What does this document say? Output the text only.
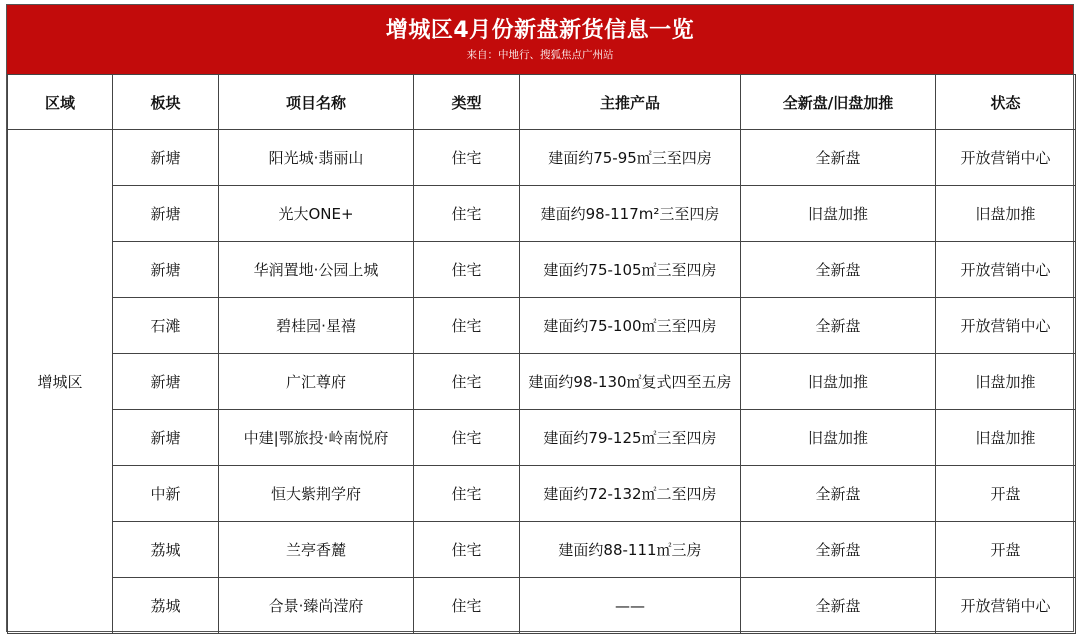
增城区4月份新盘新货信息一览
来自：中地行、搜狐焦点广州站
区域	板块	项目名称	类型	主推产品	全新盘/旧盘加推	状态
增城区	新塘	阳光城·翡丽山	住宅	建面约75-95㎡三至四房	全新盘	开放营销中心
	新塘	光大ONE+	住宅	建面约98-117m²三至四房	旧盘加推	旧盘加推
	新塘	华润置地·公园上城	住宅	建面约75-105㎡三至四房	全新盘	开放营销中心
	石滩	碧桂园·星禧	住宅	建面约75-100㎡三至四房	全新盘	开放营销中心
	新塘	广汇尊府	住宅	建面约98-130㎡复式四至五房	旧盘加推	旧盘加推
	新塘	中建|鄂旅投·岭南悦府	住宅	建面约79-125㎡三至四房	旧盘加推	旧盘加推
	中新	恒大紫荆学府	住宅	建面约72-132㎡二至四房	全新盘	开盘
	荔城	兰亭香麓	住宅	建面约88-111㎡三房	全新盘	开盘
	荔城	合景·臻尚滢府	住宅	——	全新盘	开放营销中心
